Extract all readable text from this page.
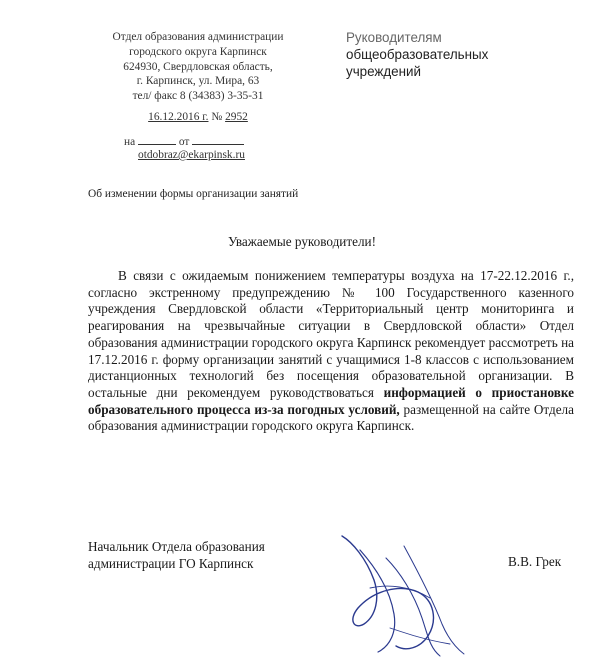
Отдел образования администрации
городского округа Карпинск
624930, Свердловская область,
г. Карпинск, ул. Мира, 63
тел/ факс 8 (34383) 3-35-31
16.12.2016 г. № 2952
на	от
otdobraz@ekarpinsk.ru
Руководителям
общеобразовательных
учреждений
Об изменении формы организации занятий
Уважаемые руководители!

В связи с ожидаемым понижением температуры воздуха на 17-22.12.2016 г., согласно экстренному предупреждению № 100 Государственного казенного учреждения Свердловской области «Территориальный центр мониторинга и реагирования на чрезвычайные ситуации в Свердловской области» Отдел образования администрации городского округа Карпинск рекомендует рассмотреть на 17.12.2016 г. форму организации занятий с учащимися 1-8 классов с использованием дистанционных технологий без посещения образовательной организации. В остальные дни рекомендуем руководствоваться информацией о приостановке образовательного процесса из-за погодных условий, размещенной на сайте Отдела образования администрации городского округа Карпинск.

Начальник Отдела образования
администрации ГО Карпинск	В.В. Грек
